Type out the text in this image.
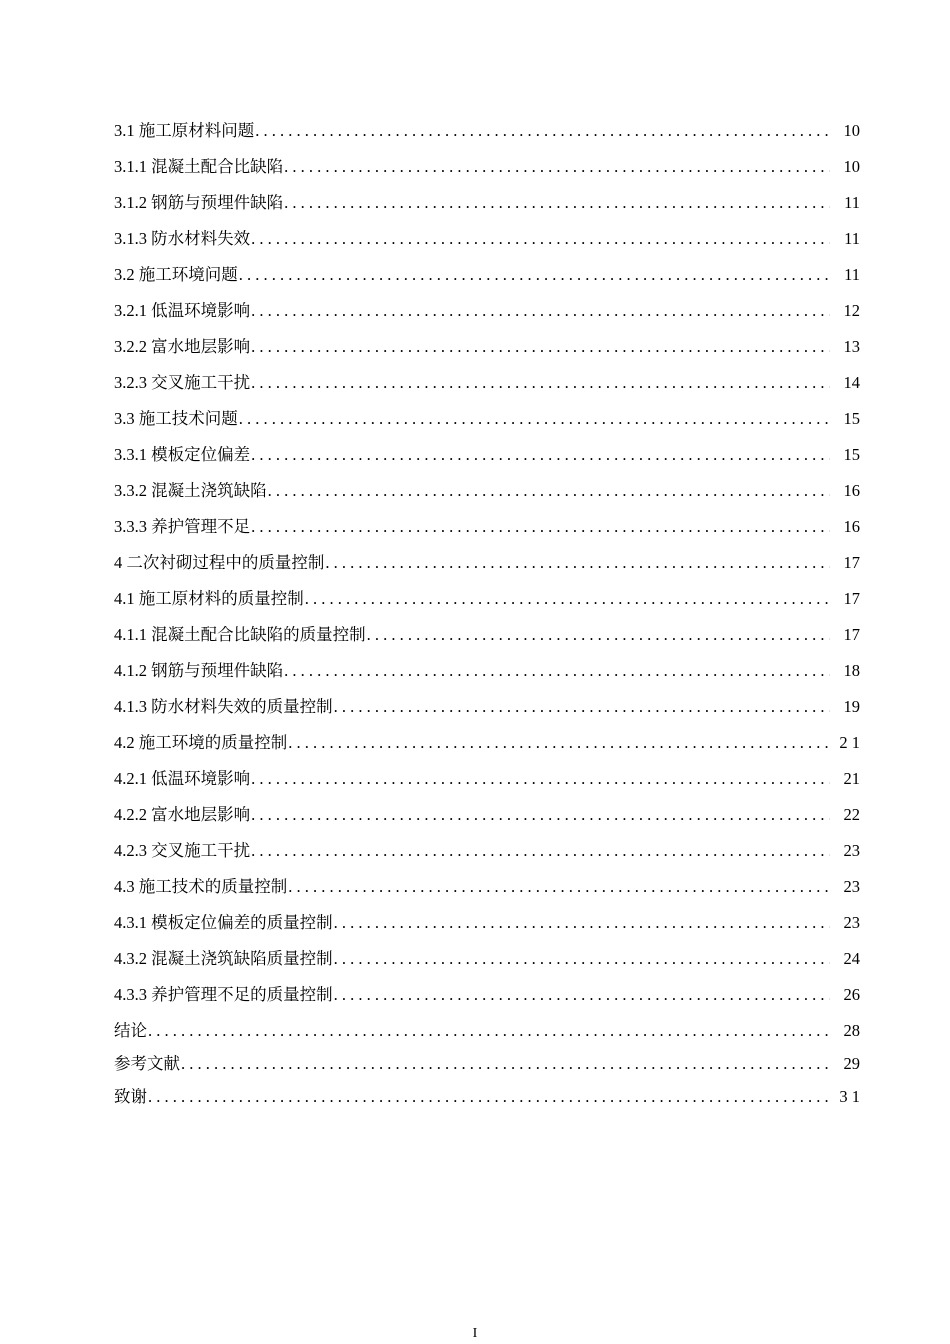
3.1 施工原材料问题 . . .	10
3.1.1 混凝土配合比缺陷 . . .	10
3.1.2 钢筋与预埋件缺陷 . . .	11
3.1.3 防水材料失效 . . .	11
3.2 施工环境问题 . . .	11
3.2.1 低温环境影响 . . .	12
3.2.2 富水地层影响 . . .	13
3.2.3 交叉施工干扰 . . .	14
3.3 施工技术问题 . . .	15
3.3.1 模板定位偏差 . . .	15
3.3.2 混凝土浇筑缺陷 . . .	16
3.3.3 养护管理不足 . . .	16
4 二次衬砌过程中的质量控制 . . .	17
4.1 施工原材料的质量控制 . . .	17
4.1.1 混凝土配合比缺陷的质量控制 . . .	17
4.1.2 钢筋与预埋件缺陷 . . .	18
4.1.3 防水材料失效的质量控制 . . .	19
4.2 施工环境的质量控制 . . .	2 1
4.2.1 低温环境影响 . . .	21
4.2.2 富水地层影响 . . .	22
4.2.3 交叉施工干扰 . . .	23
4.3 施工技术的质量控制 . . .	23
4.3.1 模板定位偏差的质量控制 . . .	23
4.3.2 混凝土浇筑缺陷质量控制 . . .	24
4.3.3 养护管理不足的质量控制 . . .	26
结论 . . .	28
参考文献 . . .	29
致谢 . . .	3 1
I
